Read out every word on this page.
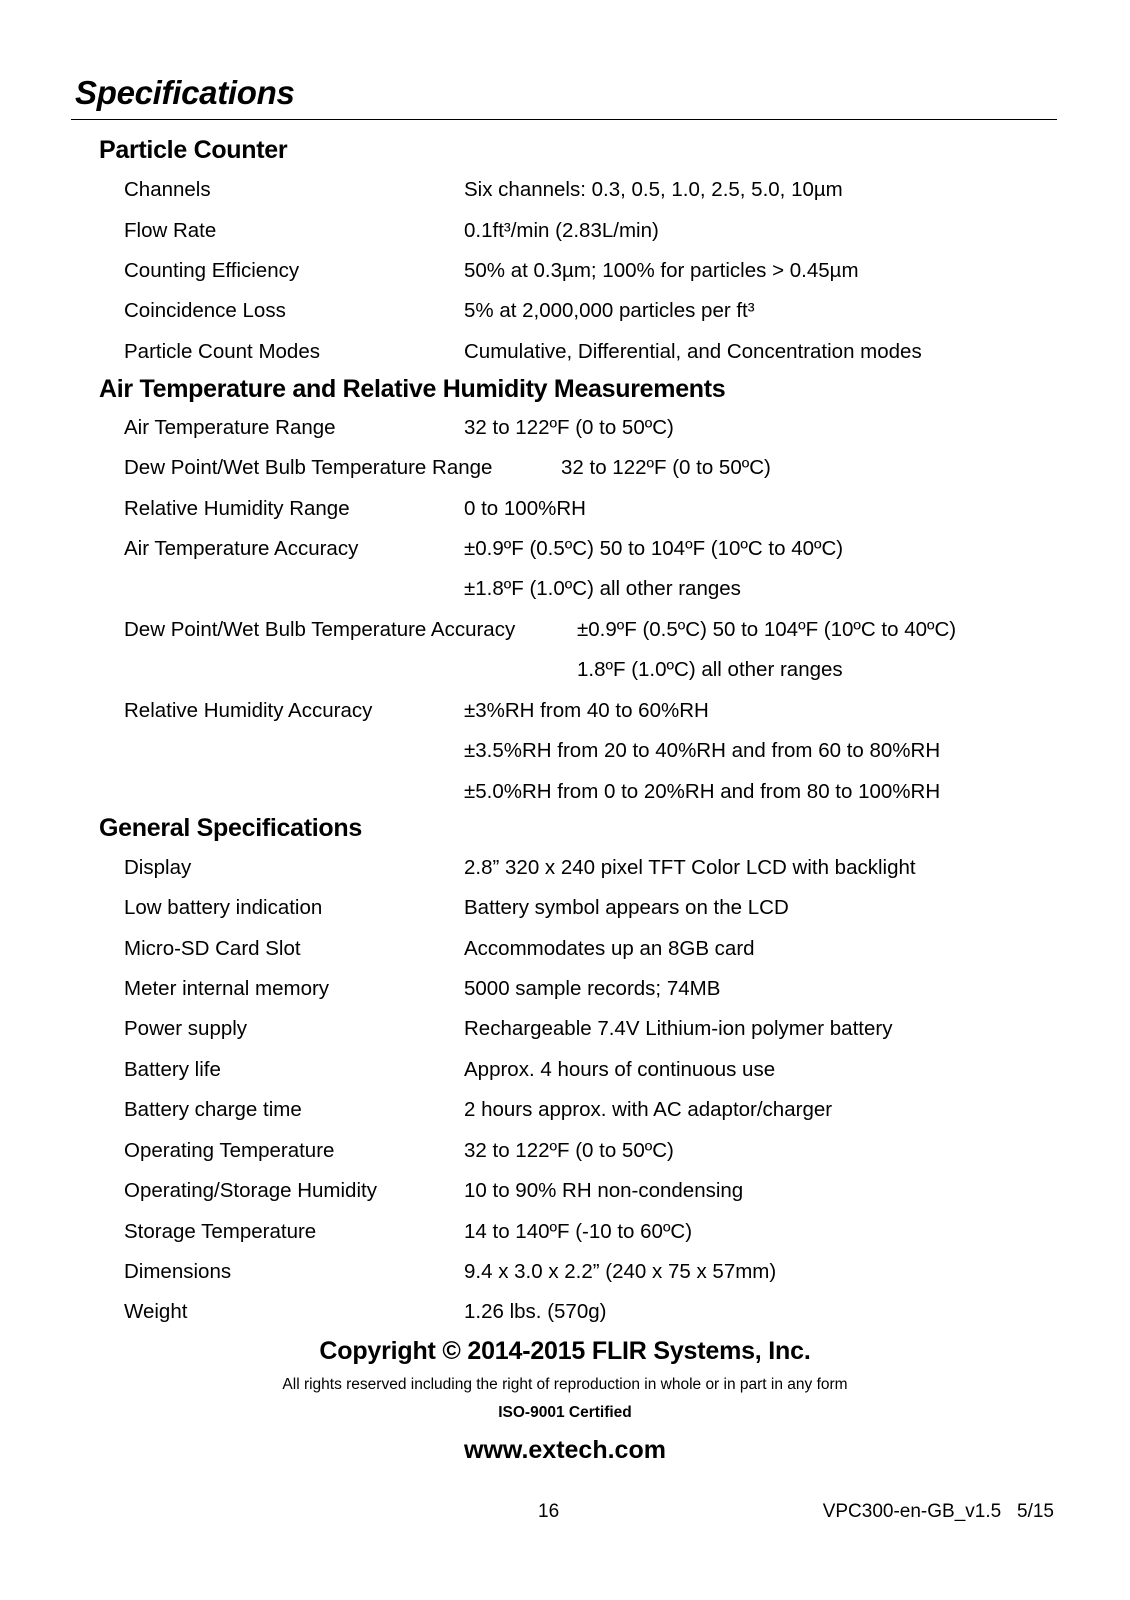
Specifications
Particle Counter
Channels	Six channels: 0.3, 0.5, 1.0, 2.5, 5.0, 10µm
Flow Rate	0.1ft³/min (2.83L/min)
Counting Efficiency	50% at 0.3µm; 100% for particles > 0.45µm
Coincidence Loss	5% at 2,000,000 particles per ft³
Particle Count Modes	Cumulative, Differential, and Concentration modes
Air Temperature and Relative Humidity Measurements
Air Temperature Range	32 to 122ºF (0 to 50ºC)
Dew Point/Wet Bulb Temperature Range	32 to 122ºF (0 to 50ºC)
Relative Humidity Range	0 to 100%RH
Air Temperature Accuracy	±0.9ºF (0.5ºC) 50 to 104ºF (10ºC to 40ºC)
±1.8ºF (1.0ºC) all other ranges
Dew Point/Wet Bulb Temperature Accuracy	±0.9ºF (0.5ºC) 50 to 104ºF (10ºC to 40ºC)
1.8ºF (1.0ºC) all other ranges
Relative Humidity Accuracy	±3%RH from 40 to 60%RH
±3.5%RH from 20 to 40%RH and from 60 to 80%RH
±5.0%RH from 0 to 20%RH and from 80 to 100%RH
General Specifications
Display	2.8” 320 x 240 pixel TFT Color LCD with backlight
Low battery indication	Battery symbol appears on the LCD
Micro-SD Card Slot	Accommodates up an 8GB card
Meter internal memory	5000 sample records; 74MB
Power supply	Rechargeable 7.4V Lithium-ion polymer battery
Battery life	Approx. 4 hours of continuous use
Battery charge time	2 hours approx. with AC adaptor/charger
Operating Temperature	32 to 122ºF (0 to 50ºC)
Operating/Storage Humidity	10 to 90% RH non-condensing
Storage Temperature	14 to 140ºF (-10 to 60ºC)
Dimensions	9.4 x 3.0 x 2.2” (240 x 75 x 57mm)
Weight	1.26 lbs. (570g)
Copyright © 2014-2015 FLIR Systems, Inc.
All rights reserved including the right of reproduction in whole or in part in any form
ISO-9001 Certified
www.extech.com
16	VPC300-en-GB_v1.5   5/15
